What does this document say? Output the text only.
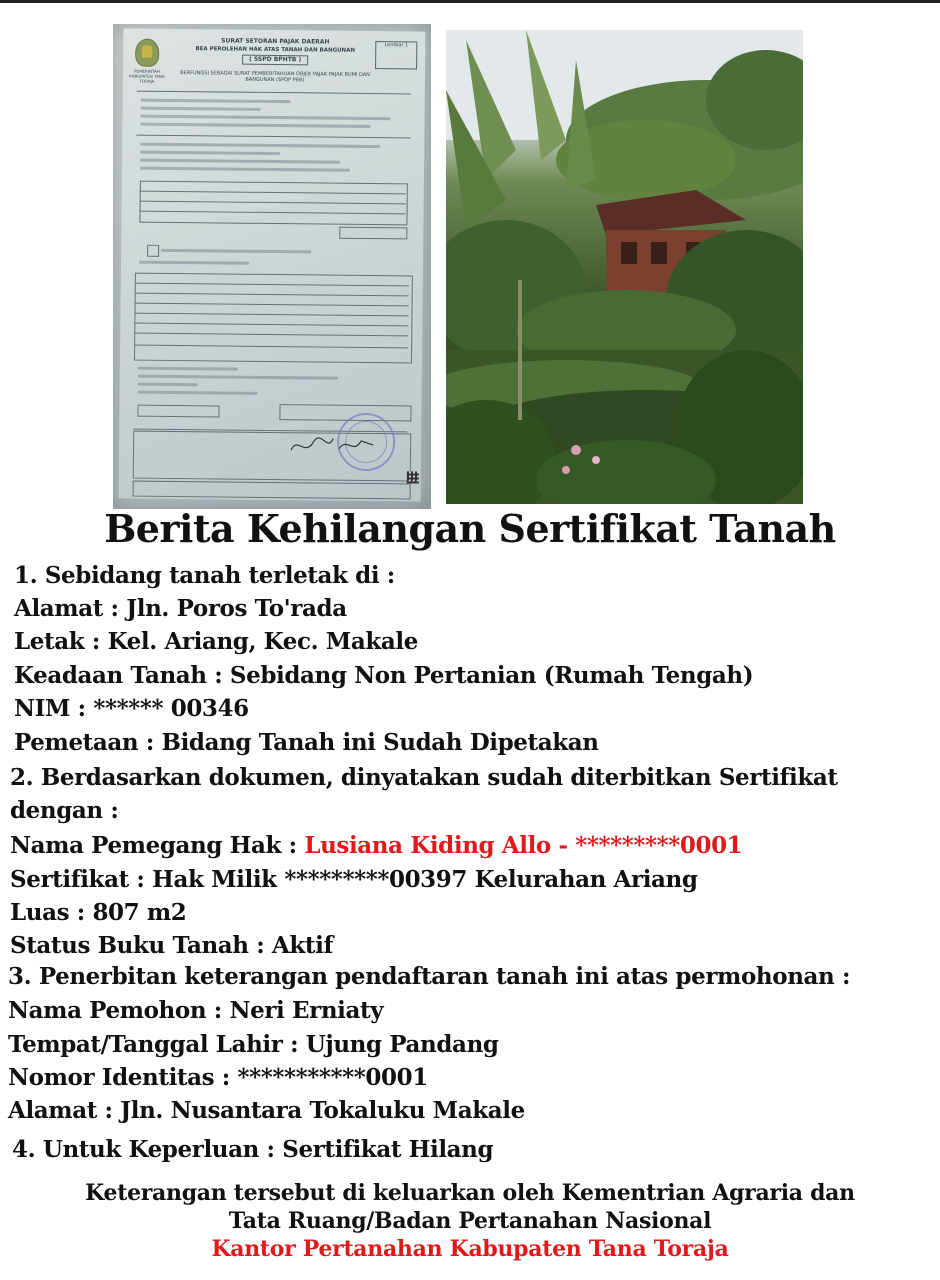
PEMERINTAH KABUPATEN TANA TORAJA
SURAT SETORAN PAJAK DAERAH
BEA PEROLEHAN HAK ATAS TANAH DAN BANGUNAN
( SSPD BPHTB )
BERFUNGSI SEBAGAI SURAT PEMBERITAHUAN OBJEK PAJAK PAJAK BUMI DAN BANGUNAN (SPOP PBB)
Lembar 1
Berita Kehilangan Sertifikat Tanah
1. Sebidang tanah terletak di :
Alamat : Jln. Poros To'rada
Letak : Kel. Ariang, Kec. Makale
Keadaan Tanah : Sebidang Non Pertanian (Rumah Tengah)
NIM : ****** 00346
Pemetaan : Bidang Tanah ini Sudah Dipetakan
2. Berdasarkan dokumen, dinyatakan sudah diterbitkan Sertifikat
dengan :
Nama Pemegang Hak : Lusiana Kiding Allo - *********0001
Sertifikat : Hak Milik *********00397 Kelurahan Ariang
Luas : 807 m2
Status Buku Tanah : Aktif
3. Penerbitan keterangan pendaftaran tanah ini atas permohonan :
Nama Pemohon : Neri Erniaty
Tempat/Tanggal Lahir : Ujung Pandang
Nomor Identitas : ***********0001
Alamat : Jln. Nusantara Tokaluku Makale
4. Untuk Keperluan : Sertifikat Hilang
Keterangan tersebut di keluarkan oleh Kementrian Agraria dan
Tata Ruang/Badan Pertanahan Nasional
Kantor Pertanahan Kabupaten Tana Toraja
